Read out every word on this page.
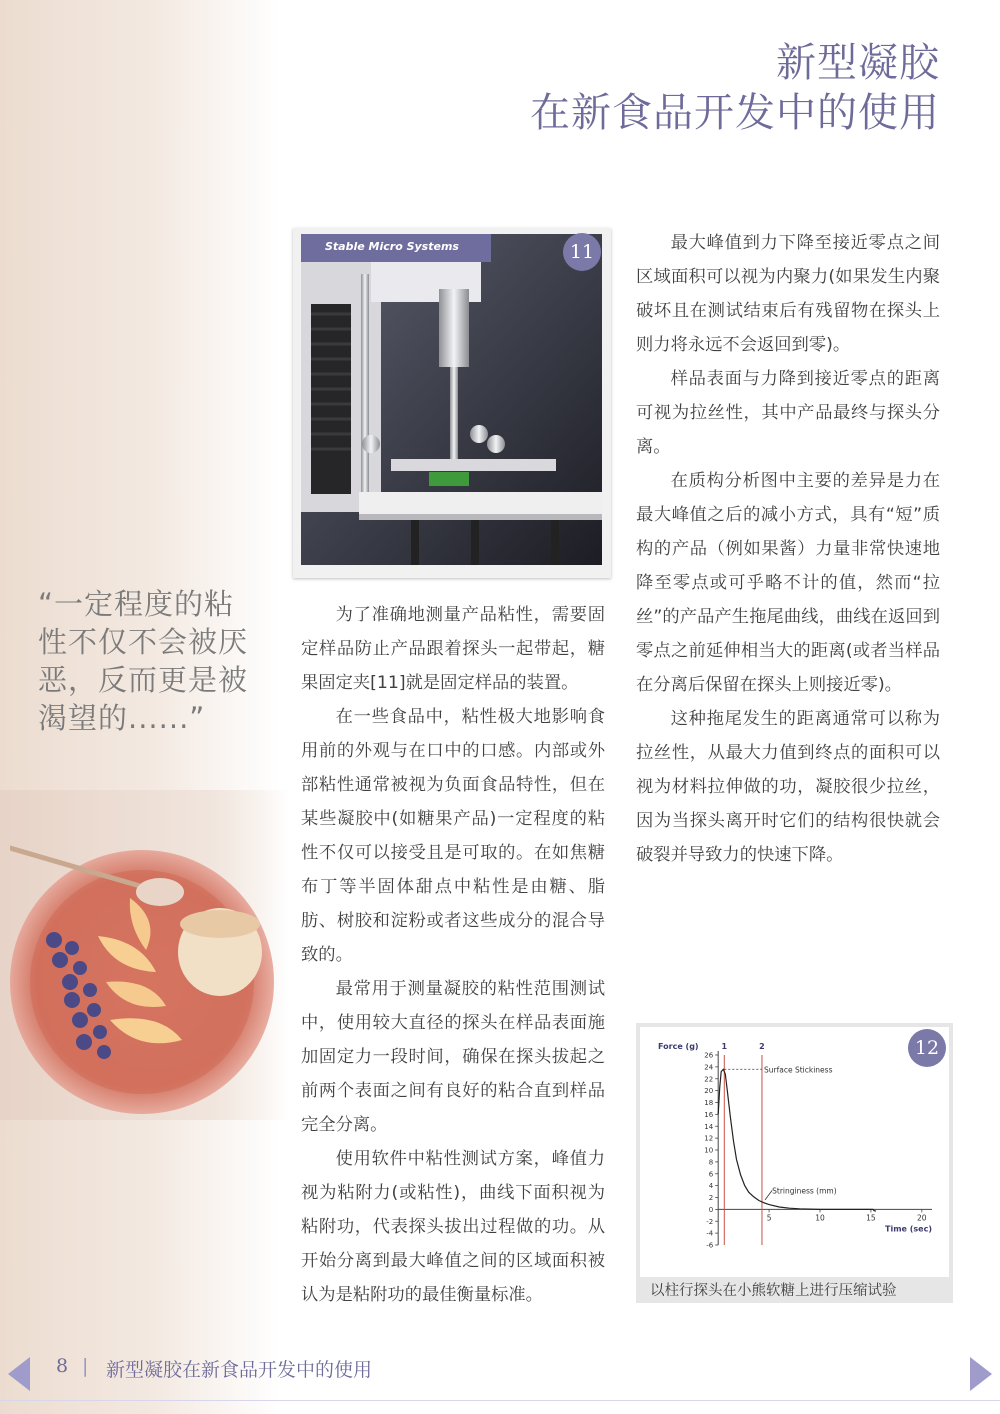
新型凝胶
在新食品开发中的使用
“一定程度的粘性不仅不会被厌恶，反而更是被渴望的......”
Stable Micro Systems	11

为了准确地测量产品粘性，需要固定样品防止产品跟着探头一起带起，糖果固定夹[11]就是固定样品的装置。

在一些食品中，粘性极大地影响食用前的外观与在口中的口感。内部或外部粘性通常被视为负面食品特性，但在某些凝胶中(如糖果产品)一定程度的粘性不仅可以接受且是可取的。在如焦糖布丁等半固体甜点中粘性是由糖、脂肪、树胶和淀粉或者这些成分的混合导致的。

最常用于测量凝胶的粘性范围测试中，使用较大直径的探头在样品表面施加固定力一段时间，确保在探头拔起之前两个表面之间有良好的粘合直到样品完全分离。

使用软件中粘性测试方案，峰值力视为粘附力(或粘性)，曲线下面积视为粘附功，代表探头拔出过程做的功。从开始分离到最大峰值之间的区域面积被认为是粘附功的最佳衡量标准。

最大峰值到力下降至接近零点之间区域面积可以视为内聚力(如果发生内聚破坏且在测试结束后有残留物在探头上则力将永远不会返回到零)。

样品表面与力降到接近零点的距离可视为拉丝性，其中产品最终与探头分离。

在质构分析图中主要的差异是力在最大峰值之后的减小方式，具有“短”质构的产品（例如果酱）力量非常快速地降至零点或可乎略不计的值，然而“拉丝”的产品产生拖尾曲线，曲线在返回到零点之前延伸相当大的距离(或者当样品在分离后保留在探头上则接近零)。

这种拖尾发生的距离通常可以称为拉丝性，从最大力值到终点的面积可以视为材料拉伸做的功，凝胶很少拉丝，因为当探头离开时它们的结构很快就会破裂并导致力的快速下降。

-6
-4
-2
0
2
4
6
8
10
12
14
16
18
20
22
24
26
5	10	15	20
Force (g)
Time (sec)
1	2
Surface Stickiness
Stringiness (mm)
12
以柱行探头在小熊软糖上进行压缩试验
8 | 新型凝胶在新食品开发中的使用
